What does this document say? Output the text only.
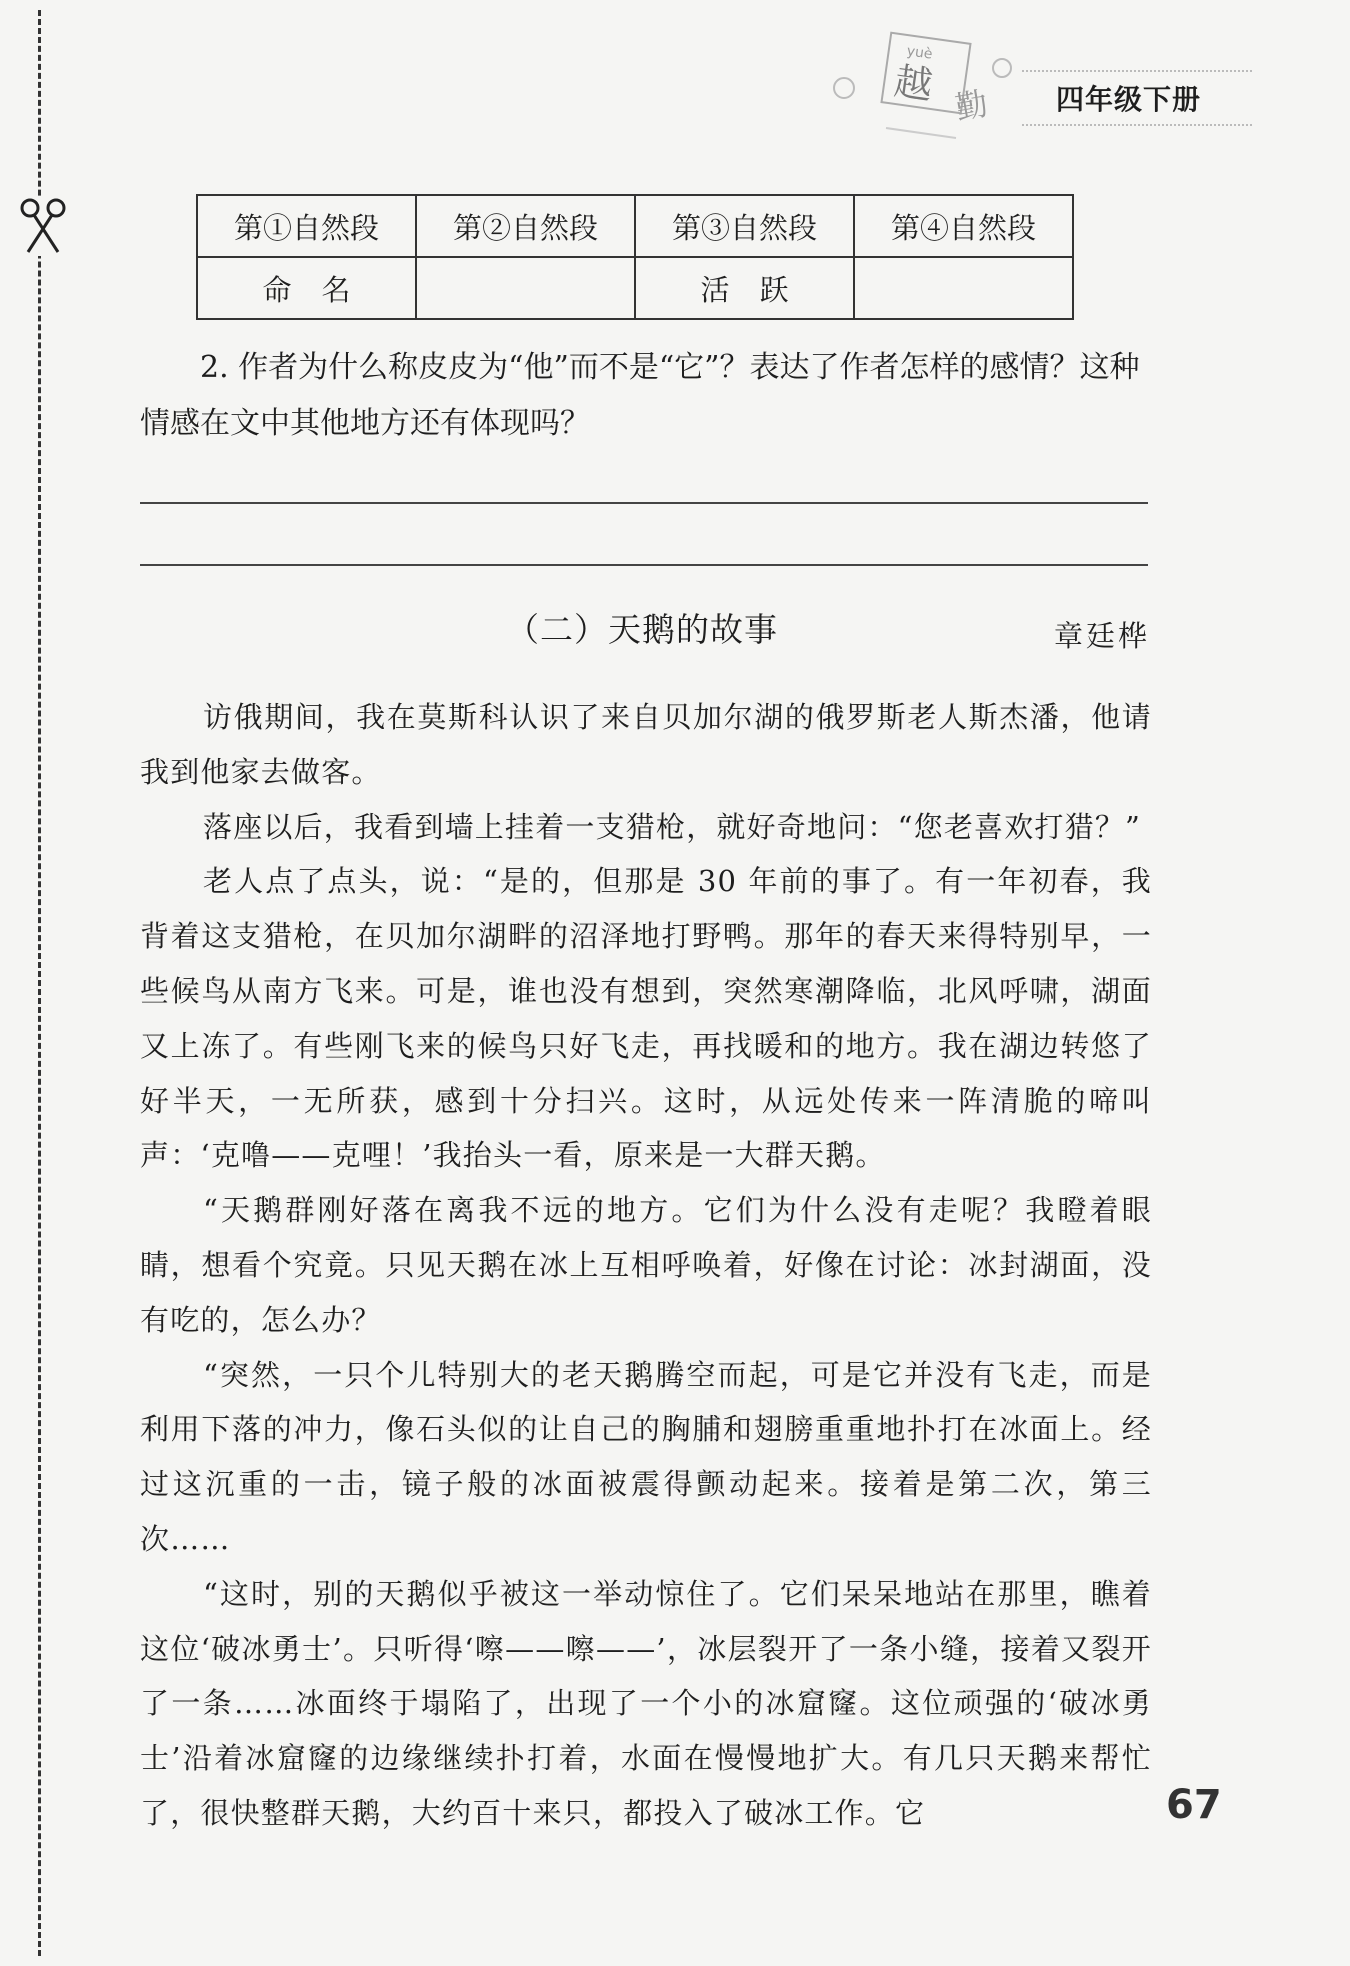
yuè
越 勤 四年级下册
第①自然段	第②自然段	第③自然段	第④自然段
命名		活跃	

2. 作者为什么称皮皮为“他”而不是“它”？表达了作者怎样的感情？这种情感在文中其他地方还有体现吗？

（二）天鹅的故事	章廷桦

访俄期间，我在莫斯科认识了来自贝加尔湖的俄罗斯老人斯杰潘，他请我到他家去做客。

落座以后，我看到墙上挂着一支猎枪，就好奇地问：“您老喜欢打猎？”

老人点了点头，说：“是的，但那是 30 年前的事了。有一年初春，我背着这支猎枪，在贝加尔湖畔的沼泽地打野鸭。那年的春天来得特别早，一些候鸟从南方飞来。可是，谁也没有想到，突然寒潮降临，北风呼啸，湖面又上冻了。有些刚飞来的候鸟只好飞走，再找暖和的地方。我在湖边转悠了好半天，一无所获，感到十分扫兴。这时，从远处传来一阵清脆的啼叫声：‘克噜——克哩！’我抬头一看，原来是一大群天鹅。

“天鹅群刚好落在离我不远的地方。它们为什么没有走呢？我瞪着眼睛，想看个究竟。只见天鹅在冰上互相呼唤着，好像在讨论：冰封湖面，没有吃的，怎么办？

“突然，一只个儿特别大的老天鹅腾空而起，可是它并没有飞走，而是利用下落的冲力，像石头似的让自己的胸脯和翅膀重重地扑打在冰面上。经过这沉重的一击，镜子般的冰面被震得颤动起来。接着是第二次，第三次……

“这时，别的天鹅似乎被这一举动惊住了。它们呆呆地站在那里，瞧着这位‘破冰勇士’。只听得‘嚓——嚓——’，冰层裂开了一条小缝，接着又裂开了一条……冰面终于塌陷了，出现了一个小的冰窟窿。这位顽强的‘破冰勇士’沿着冰窟窿的边缘继续扑打着，水面在慢慢地扩大。有几只天鹅来帮忙了，很快整群天鹅，大约百十来只，都投入了破冰工作。它	67
